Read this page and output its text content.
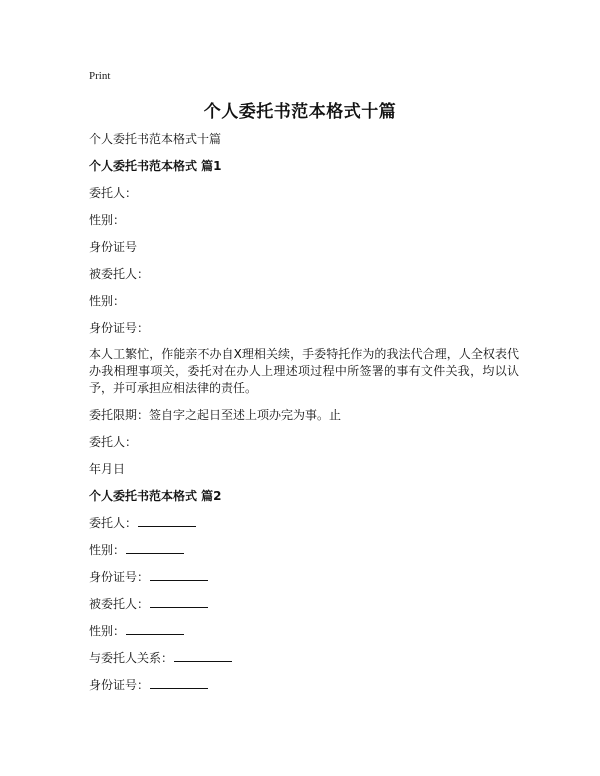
Print
个人委托书范本格式十篇

个人委托书范本格式十篇

个人委托书范本格式 篇1

委托人：

性别：

身份证号

被委托人：

性别：

身份证号：

本人工繁忙，作能亲不办自X理相关续，手委特托作为的我法代合理，人全权表代办我相理事项关，委托对在办人上理述项过程中所签署的事有文件关我，均以认予，并可承担应相法律的责任。

委托限期：签自字之起日至述上项办完为事。止

委托人：

年月日

个人委托书范本格式 篇2

委托人：

性别：

身份证号：

被委托人：

性别：

与委托人关系：

身份证号：
